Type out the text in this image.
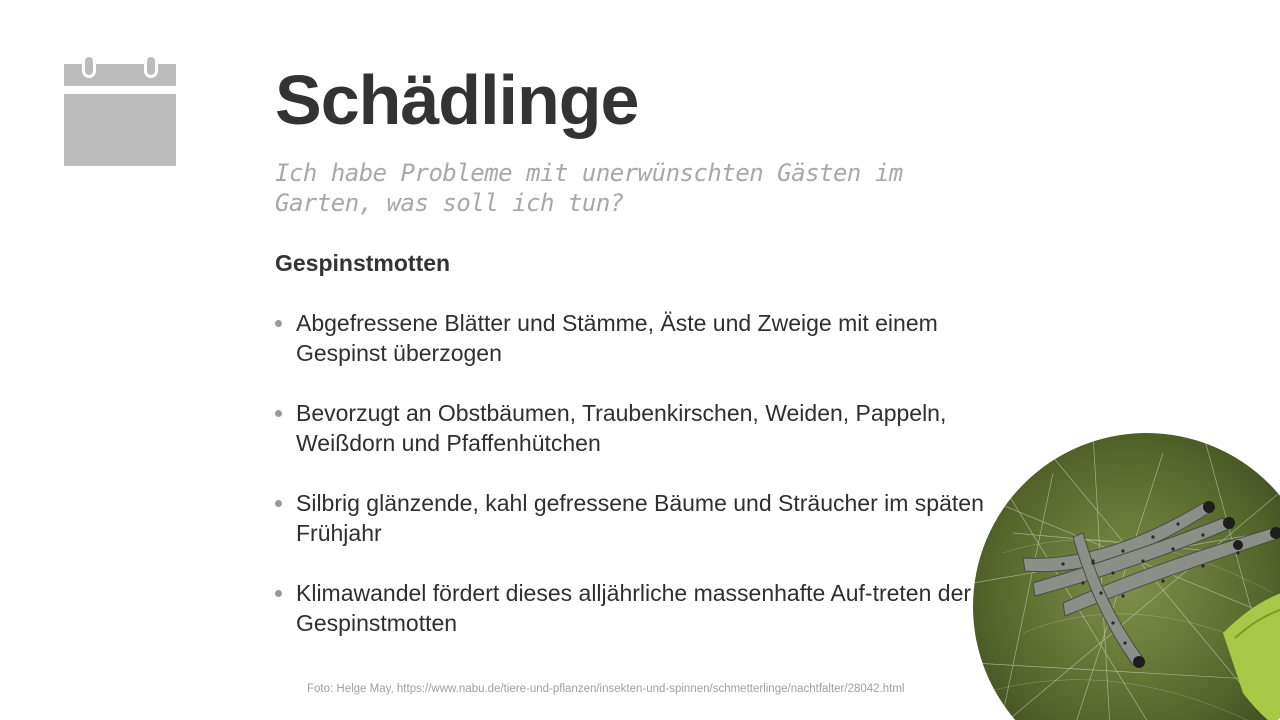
Schädlinge

Ich habe Probleme mit unerwünschten Gästen im Garten, was soll ich tun?

Gespinstmotten
Abgefressene Blätter und Stämme, Äste und Zweige mit einem Gespinst überzogen
Bevorzugt an Obstbäumen, Traubenkirschen, Weiden, Pappeln, Weißdorn und Pfaffenhütchen
Silbrig glänzende, kahl gefressene Bäume und Sträucher im späten Frühjahr
Klimawandel fördert dieses alljährliche massenhafte Auf-treten der Gespinstmotten
Foto: Helge May, https://www.nabu.de/tiere-und-pflanzen/insekten-und-spinnen/schmetterlinge/nachtfalter/28042.html
